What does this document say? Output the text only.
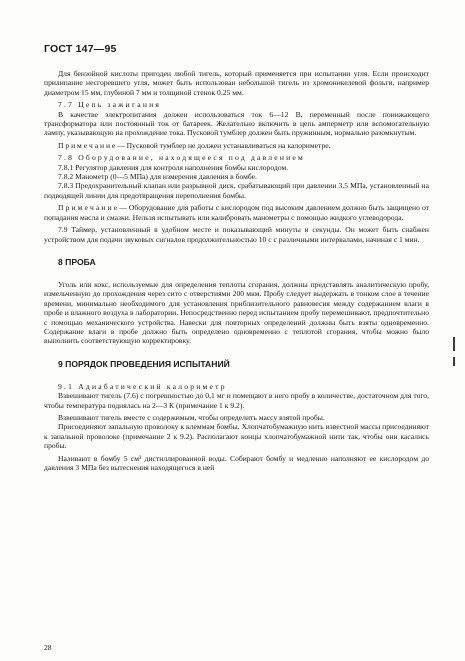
ГОСТ 147—95

Для бензойной кислоты пригоден любой тигель, который применяется при испытании угля. Если происходит прилипание несгоревшего угля, может быть использован небольшой тигель из хромоникелевой фольги, например диаметром 15 мм, глубиной 7 мм и толщиной стенок 0.25 мм.

7.7 Цепь зажигания

В качестве электропитания должен использоваться ток 6—12 В, переменный после понижающего трансформатора или постоянный ток от батареек. Желательно включить в цепь амперметр или вспомогательную лампу, указывающую на прохождение тока. Пусковой тумблер должен быть пружинным, нормально разомкнутым.

П р и м е ч а н и е — Пусковой тумблер не должен устанавливаться на калориметре.

7.8 Оборудование, находящееся под давлением

7.8.1 Регулятор давления для контроля наполнения бомбы кислородом.

7.8.2 Манометр (0—5 МПа) для измерения давления в бомбе.

7.8.3 Предохранительный клапан или разрывной диск, срабатывающий при давлении 3,5 МПа, установленный на подводящей линии для предотвращения переполнения бомбы.

П р и м е ч а н и е — Оборудование для работы с кислородом под высоким давлением должно быть защищено от попадания масла и смазки. Нельзя испытывать или калибровать манометры с помощью жидкого углеводорода.

7.9 Таймер, установленный в удобном месте и показывающий минуты и секунды. Он может быть снабжен устройством для подачи звуковых сигналов продолжительностью 10 с с различными интервалами, начиная с 1 мин.

8 ПРОБА

Уголь или кокс, используемые для определения теплоты сгорания, должны представлять аналитическую пробу, измельченную до прохождения через сито с отверстиями 200 мкм. Пробу следует выдержать в тонком слое в течение времени, минимально необходимого для установления приблизительного равновесия между содержанием влаги в пробе и влажного воздуха в лаборатории. Непосредственно перед испытанием пробу перемешивают, предпочтительно с помощью механического устройства. Навески для повторных определений должны быть взяты одновременно. Содержание влаги в пробе должно быть определено одновременно с теплотой сгорания, чтобы можно было выполнить соответствующую корректировку.

9 ПОРЯДОК ПРОВЕДЕНИЯ ИСПЫТАНИЙ

9.1 Адиабатический калориметр

Взвешивают тигель (7.6) с погрешностью до 0,1 мг и помещают в него пробу в количестве, достаточном для того, чтобы температура поднялась на 2—3 К (примечание 1 к 9.2).

Взвешивают тигель вместе с содержимым, чтобы определить массу взятой пробы.

Присоединяют запальную проволоку к клеммам бомбы. Хлопчатобумажную нить известной массы присоединяют к запальной проволоке (примечание 2 к 9.2). Располагают концы хлопчатобумажной нити так, чтобы они касались пробы.

Наливают в бомбу 5 см³ дистиллированной воды. Собирают бомбу и медленно наполняют ее кислородом до давления 3 МПа без вытеснения находящегося в ней

28
